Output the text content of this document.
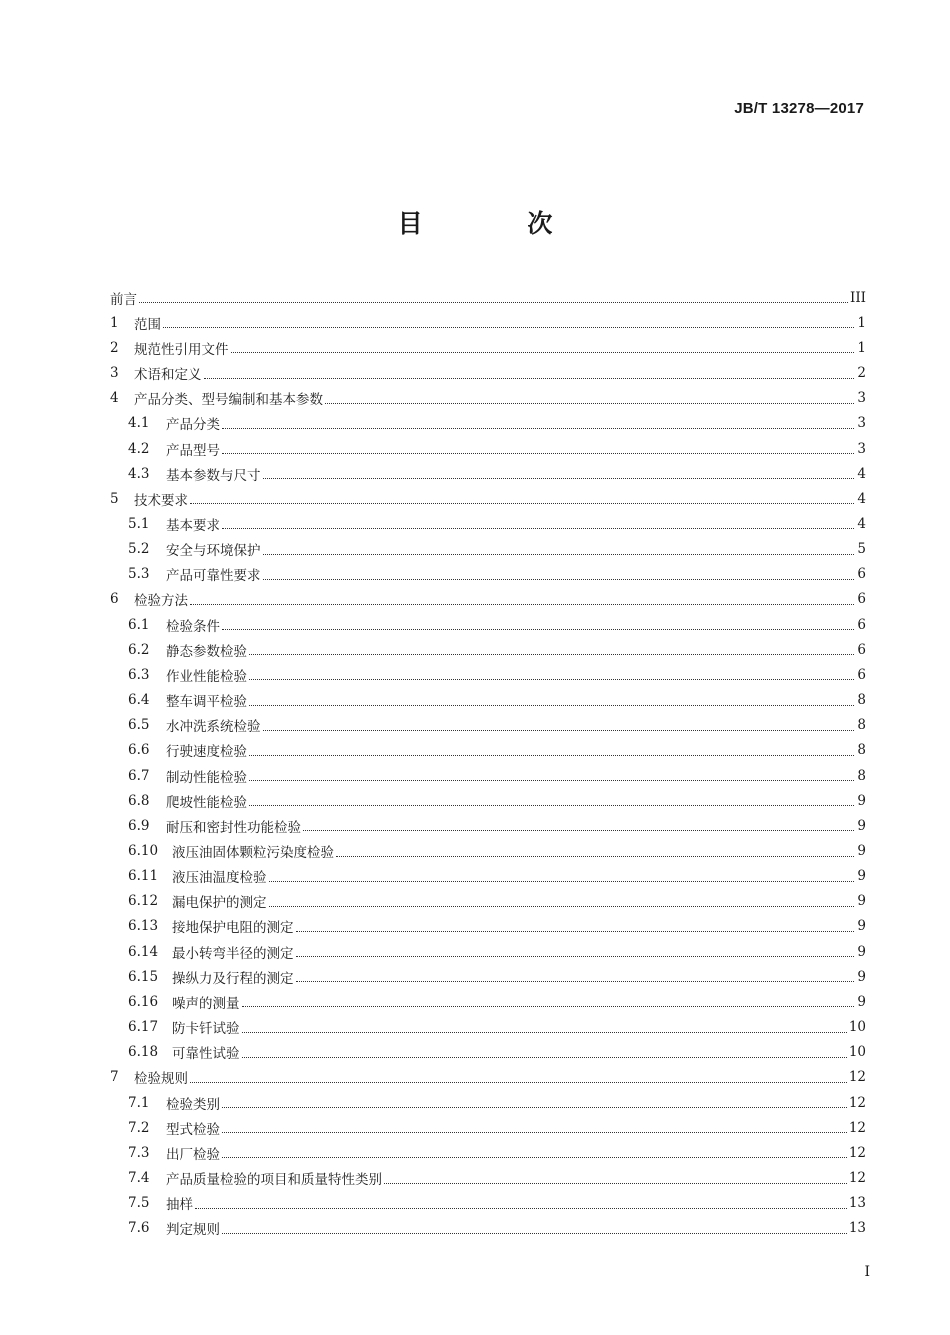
JB/T 13278—2017
目 次
前言	III
1	范围	1
2	规范性引用文件	1
3	术语和定义	2
4	产品分类、型号编制和基本参数	3
4.1	产品分类	3
4.2	产品型号	3
4.3	基本参数与尺寸	4
5	技术要求	4
5.1	基本要求	4
5.2	安全与环境保护	5
5.3	产品可靠性要求	6
6	检验方法	6
6.1	检验条件	6
6.2	静态参数检验	6
6.3	作业性能检验	6
6.4	整车调平检验	8
6.5	水冲洗系统检验	8
6.6	行驶速度检验	8
6.7	制动性能检验	8
6.8	爬坡性能检验	9
6.9	耐压和密封性功能检验	9
6.10	液压油固体颗粒污染度检验	9
6.11	液压油温度检验	9
6.12	漏电保护的测定	9
6.13	接地保护电阻的测定	9
6.14	最小转弯半径的测定	9
6.15	操纵力及行程的测定	9
6.16	噪声的测量	9
6.17	防卡钎试验	10
6.18	可靠性试验	10
7	检验规则	12
7.1	检验类别	12
7.2	型式检验	12
7.3	出厂检验	12
7.4	产品质量检验的项目和质量特性类别	12
7.5	抽样	13
7.6	判定规则	13
I
